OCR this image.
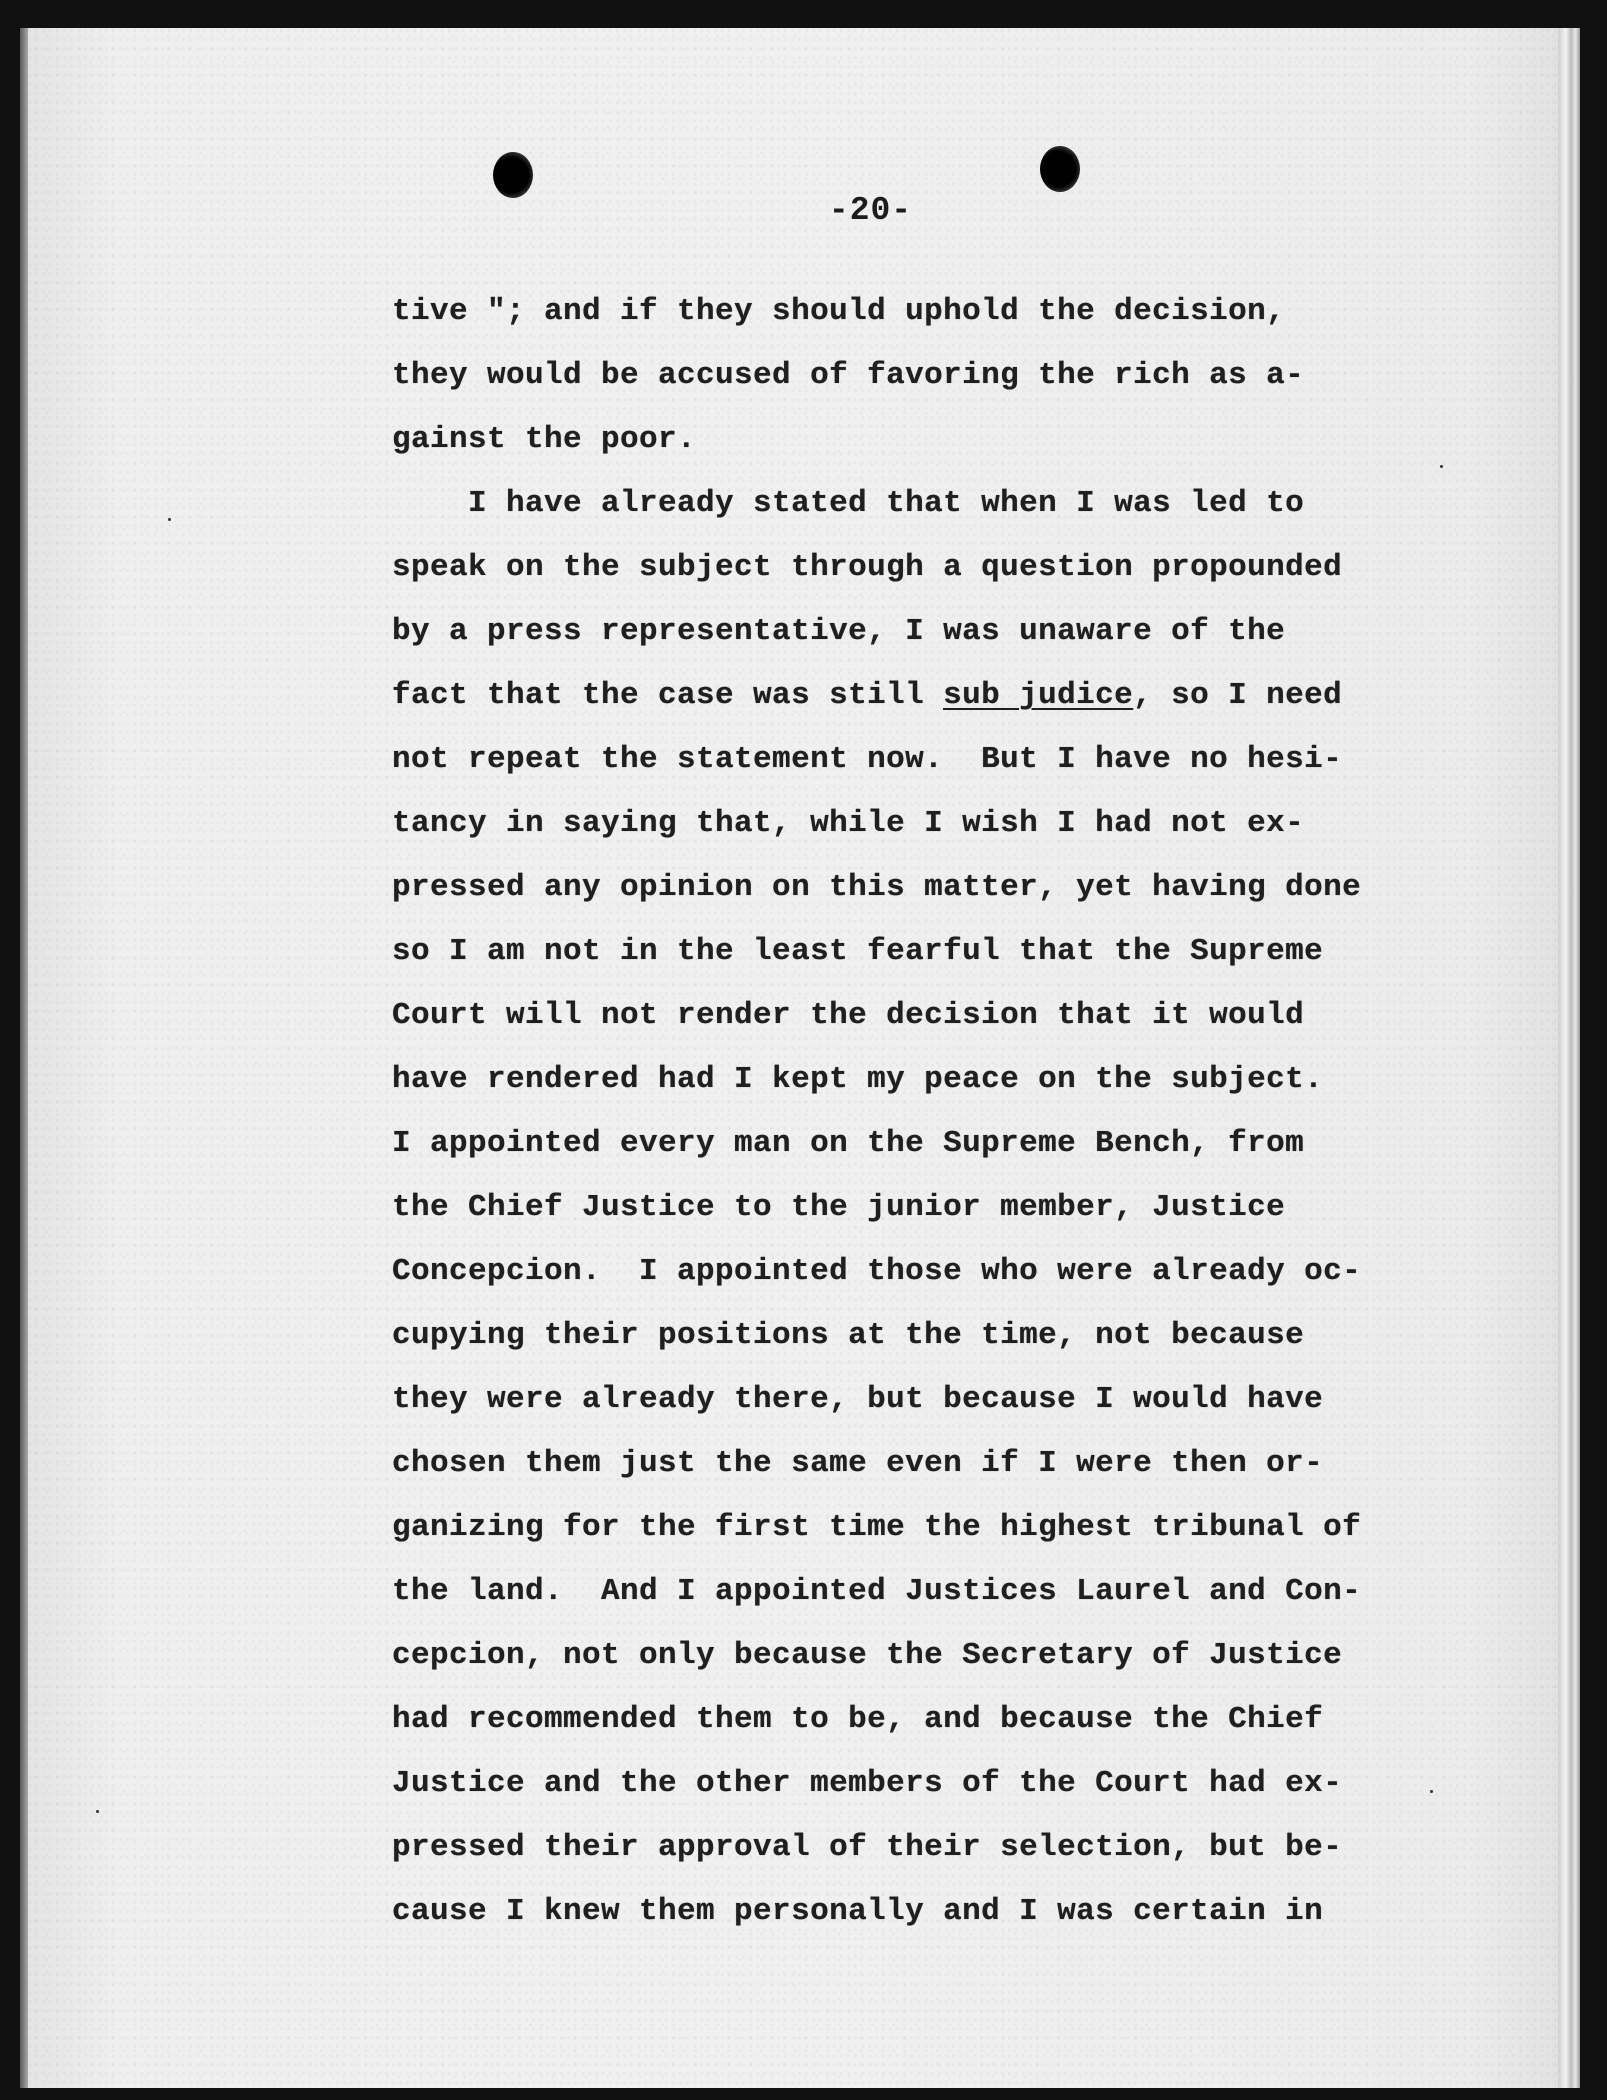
-20-
tive "; and if they should uphold the decision,
they would be accused of favoring the rich as a-
gainst the poor.
I have already stated that when I was led to
speak on the subject through a question propounded
by a press representative, I was unaware of the
fact that the case was still sub judice, so I need
not repeat the statement now.  But I have no hesi-
tancy in saying that, while I wish I had not ex-
pressed any opinion on this matter, yet having done
so I am not in the least fearful that the Supreme
Court will not render the decision that it would
have rendered had I kept my peace on the subject.
I appointed every man on the Supreme Bench, from
the Chief Justice to the junior member, Justice
Concepcion.  I appointed those who were already oc-
cupying their positions at the time, not because
they were already there, but because I would have
chosen them just the same even if I were then or-
ganizing for the first time the highest tribunal of
the land.  And I appointed Justices Laurel and Con-
cepcion, not only because the Secretary of Justice
had recommended them to be, and because the Chief
Justice and the other members of the Court had ex-
pressed their approval of their selection, but be-
cause I knew them personally and I was certain in
